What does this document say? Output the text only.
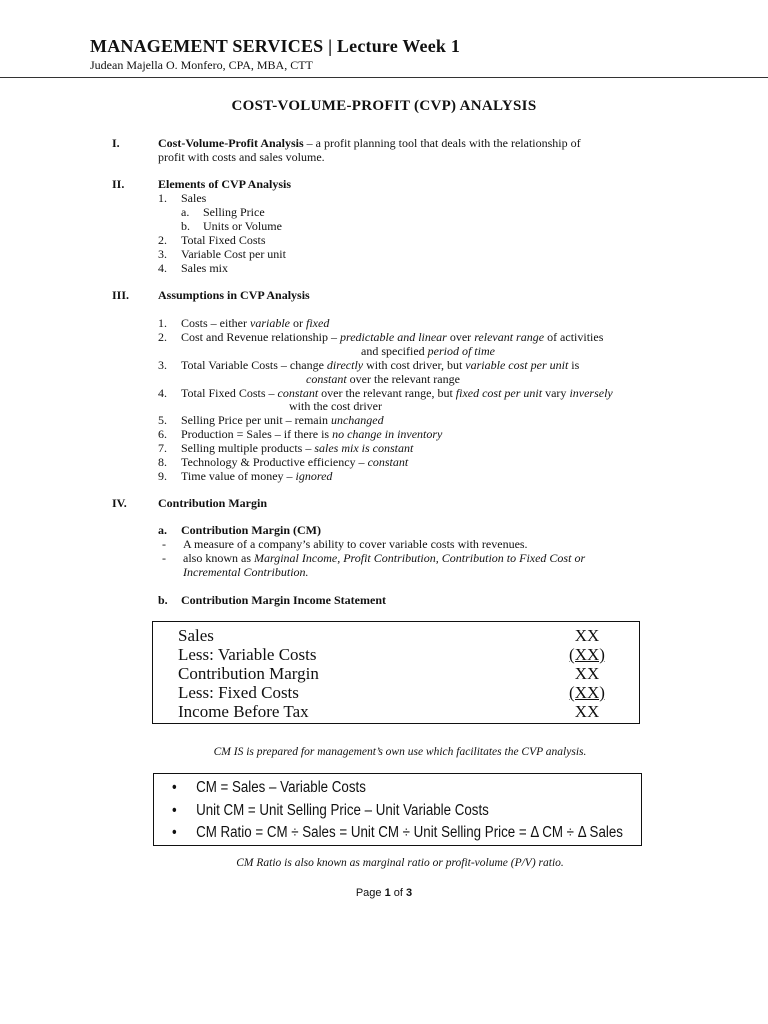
MANAGEMENT SERVICES | Lecture Week 1
Judean Majella O. Monfero, CPA, MBA, CTT
COST-VOLUME-PROFIT (CVP) ANALYSIS
I.	Cost-Volume-Profit Analysis – a profit planning tool that deals with the relationship of
profit with costs and sales volume.
II.	Elements of CVP Analysis
1. Sales
a. Selling Price
b. Units or Volume
2. Total Fixed Costs
3. Variable Cost per unit
4. Sales mix
III. Assumptions in CVP Analysis
1. Costs – either variable or fixed
2. Cost and Revenue relationship – predictable and linear over relevant range of activities
and specified period of time
3. Total Variable Costs – change directly with cost driver, but variable cost per unit is
constant over the relevant range
4. Total Fixed Costs – constant over the relevant range, but fixed cost per unit vary inversely
with the cost driver
5. Selling Price per unit – remain unchanged
6. Production = Sales – if there is no change in inventory
7. Selling multiple products – sales mix is constant
8. Technology & Productive efficiency – constant
9. Time value of money – ignored
IV.	Contribution Margin
a. Contribution Margin (CM)
- A measure of a company’s ability to cover variable costs with revenues.
- also known as Marginal Income, Profit Contribution, Contribution to Fixed Cost or
Incremental Contribution.
b. Contribution Margin Income Statement
Sales	XX
Less: Variable Costs	(XX)
Contribution Margin	XX
Less: Fixed Costs	(XX)
Income Before Tax	XX
CM IS is prepared for management’s own use which facilitates the CVP analysis.
• CM = Sales – Variable Costs
• Unit CM = Unit Selling Price – Unit Variable Costs
• CM Ratio = CM ÷ Sales = Unit CM ÷ Unit Selling Price = Δ CM ÷ Δ Sales
CM Ratio is also known as marginal ratio or profit-volume (P/V) ratio.
Page 1 of 3
